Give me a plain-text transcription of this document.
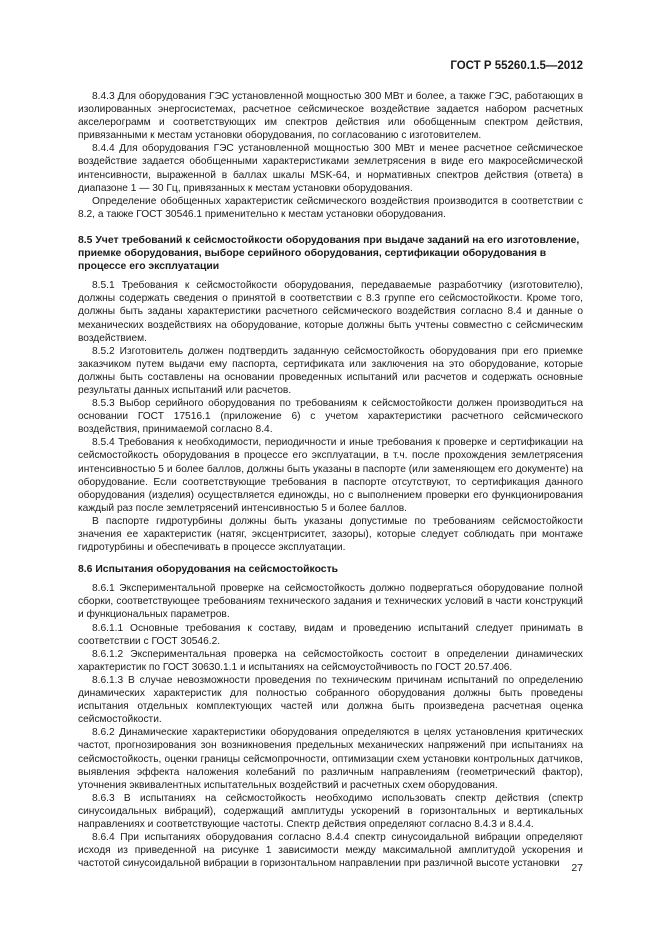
ГОСТ Р 55260.1.5—2012

8.4.3 Для оборудования ГЭС установленной мощностью 300 МВт и более, а также ГЭС, работающих в изолированных энергосистемах, расчетное сейсмическое воздействие задается набором расчетных акселерограмм и соответствующих им спектров действия или обобщенным спектром действия, привязанными к местам установки оборудования, по согласованию с изготовителем.

8.4.4 Для оборудования ГЭС установленной мощностью 300 МВт и менее расчетное сейсмическое воздействие задается обобщенными характеристиками землетрясения в виде его макросейсмической интенсивности, выраженной в баллах шкалы MSK-64, и нормативных спектров действия (ответа) в диапазоне 1 — 30 Гц, привязанных к местам установки оборудования.

Определение обобщенных характеристик сейсмического воздействия производится в соответствии с 8.2, а также ГОСТ 30546.1 применительно к местам установки оборудования.

8.5 Учет требований к сейсмостойкости оборудования при выдаче заданий на его изготовление, приемке оборудования, выборе серийного оборудования, сертификации оборудования в процессе его эксплуатации

8.5.1 Требования к сейсмостойкости оборудования, передаваемые разработчику (изготовителю), должны содержать сведения о принятой в соответствии с 8.3 группе его сейсмостойкости. Кроме того, должны быть заданы характеристики расчетного сейсмического воздействия согласно 8.4 и данные о механических воздействиях на оборудование, которые должны быть учтены совместно с сейсмическим воздействием.

8.5.2 Изготовитель должен подтвердить заданную сейсмостойкость оборудования при его приемке заказчиком путем выдачи ему паспорта, сертификата или заключения на это оборудование, которые должны быть составлены на основании проведенных испытаний или расчетов и содержать основные результаты данных испытаний или расчетов.

8.5.3 Выбор серийного оборудования по требованиям к сейсмостойкости должен производиться на основании ГОСТ 17516.1 (приложение 6) с учетом характеристики расчетного сейсмического воздействия, принимаемой согласно 8.4.

8.5.4 Требования к необходимости, периодичности и иные требования к проверке и сертификации на сейсмостойкость оборудования в процессе его эксплуатации, в т.ч. после прохождения землетрясения интенсивностью 5 и более баллов, должны быть указаны в паспорте (или заменяющем его документе) на оборудование. Если соответствующие требования в паспорте отсутствуют, то сертификация данного оборудования (изделия) осуществляется единожды, но с выполнением проверки его функционирования каждый раз после землетрясений интенсивностью 5 и более баллов.

В паспорте гидротурбины должны быть указаны допустимые по требованиям сейсмостойкости значения ее характеристик (натяг, эксцентриситет, зазоры), которые следует соблюдать при монтаже гидротурбины и обеспечивать в процессе эксплуатации.

8.6 Испытания оборудования на сейсмостойкость

8.6.1 Экспериментальной проверке на сейсмостойкость должно подвергаться оборудование полной сборки, соответствующее требованиям технического задания и технических условий в части конструкций и функциональных параметров.

8.6.1.1 Основные требования к составу, видам и проведению испытаний следует принимать в соответствии с ГОСТ 30546.2.

8.6.1.2 Экспериментальная проверка на сейсмостойкость состоит в определении динамических характеристик по ГОСТ 30630.1.1 и испытаниях на сейсмоустойчивость по ГОСТ 20.57.406.

8.6.1.3 В случае невозможности проведения по техническим причинам испытаний по определению динамических характеристик для полностью собранного оборудования должны быть проведены испытания отдельных комплектующих частей или должна быть произведена расчетная оценка сейсмостойкости.

8.6.2 Динамические характеристики оборудования определяются в целях установления критических частот, прогнозирования зон возникновения предельных механических напряжений при испытаниях на сейсмостойкость, оценки границы сейсмопрочности, оптимизации схем установки контрольных датчиков, выявления эффекта наложения колебаний по различным направлениям (геометрический фактор), уточнения эквивалентных испытательных воздействий и расчетных схем оборудования.

8.6.3 В испытаниях на сейсмостойкость необходимо использовать спектр действия (спектр синусоидальных вибраций), содержащий амплитуды ускорений в горизонтальных и вертикальных направлениях и соответствующие частоты. Спектр действия определяют согласно 8.4.3 и 8.4.4.

8.6.4 При испытаниях оборудования согласно 8.4.4 спектр синусоидальной вибрации определяют исходя из приведенной на рисунке 1 зависимости между максимальной амплитудой ускорения и частотой синусоидальной вибрации в горизонтальном направлении при различной высоте установки	27
